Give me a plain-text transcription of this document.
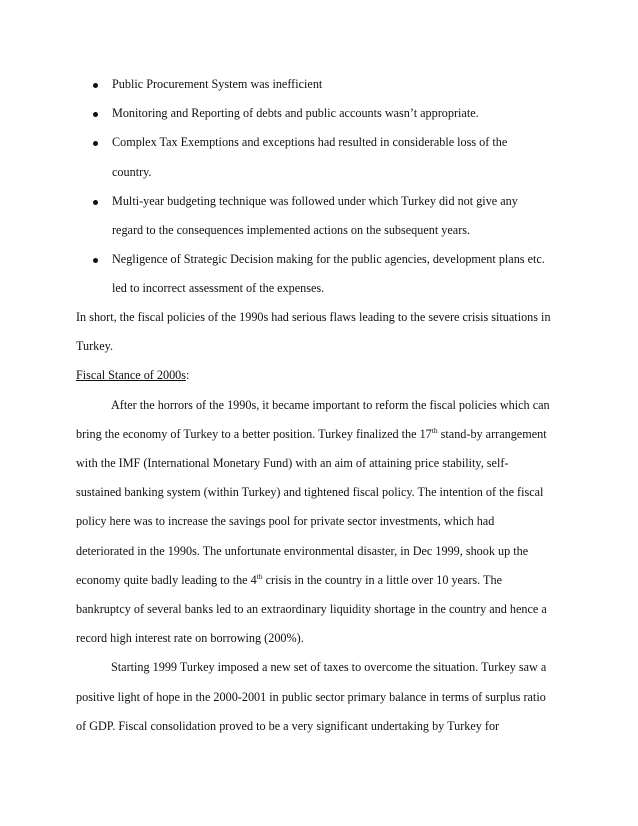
Public Procurement System was inefficient
Monitoring and Reporting of debts and public accounts wasn’t appropriate.
Complex Tax Exemptions and exceptions had resulted in considerable loss of the
country.
Multi-year budgeting technique was followed under which Turkey did not give any
regard to the consequences implemented actions on the subsequent years.
Negligence of Strategic Decision making for the public agencies, development plans etc.
led to incorrect assessment of the expenses.
In short, the fiscal policies of the 1990s had serious flaws leading to the severe crisis situations in
Turkey.
Fiscal Stance of 2000s:
After the horrors of the 1990s, it became important to reform the fiscal policies which can
bring the economy of Turkey to a better position. Turkey finalized the 17th stand-by arrangement
with the IMF (International Monetary Fund) with an aim of attaining price stability, self-
sustained banking system (within Turkey) and tightened fiscal policy. The intention of the fiscal
policy here was to increase the savings pool for private sector investments, which had
deteriorated in the 1990s. The unfortunate environmental disaster, in Dec 1999, shook up the
economy quite badly leading to the 4th crisis in the country in a little over 10 years. The
bankruptcy of several banks led to an extraordinary liquidity shortage in the country and hence a
record high interest rate on borrowing (200%).
Starting 1999 Turkey imposed a new set of taxes to overcome the situation. Turkey saw a
positive light of hope in the 2000-2001 in public sector primary balance in terms of surplus ratio
of GDP. Fiscal consolidation proved to be a very significant undertaking by Turkey for
